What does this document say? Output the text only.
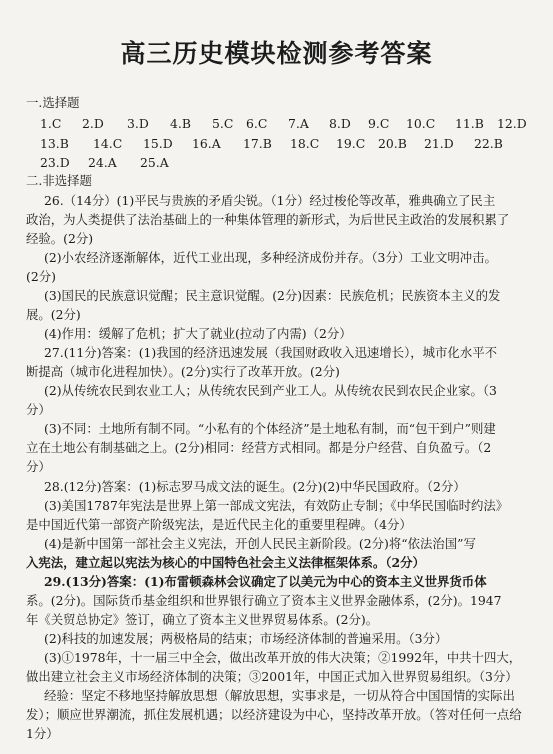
高三历史模块检测参考答案
一.选择题
1.C 2.D 3.D 4.B 5.C 6.C 7.A 8.D 9.C 10.C 11.B 12.D
13.B 14.C 15.D 16.A 17.B 18.C 19.C 20.B 21.D 22.B
23.D 24.A 25.A
二.非选择题
26.（14分）(1)平民与贵族的矛盾尖锐。（1分）经过梭伦等改革，雅典确立了民主
政治，为人类提供了法治基础上的一种集体管理的新形式，为后世民主政治的发展积累了
经验。(2分)
(2)小农经济逐渐解体，近代工业出现，多种经济成份并存。（3分）工业文明冲击。
(2分)
(3)国民的民族意识觉醒；民主意识觉醒。(2分)因素：民族危机；民族资本主义的发
展。(2分)
(4)作用：缓解了危机；扩大了就业(拉动了内需)（2分）
27.(11分)答案：(1)我国的经济迅速发展（我国财政收入迅速增长），城市化水平不
断提高（城市化进程加快）。(2分)实行了改革开放。(2分)
(2)从传统农民到农业工人；从传统农民到产业工人。从传统农民到农民企业家。（3
分）
(3)不同：土地所有制不同。“小私有的个体经济”是土地私有制，而“包干到户”则建
立在土地公有制基础之上。(2分)相同：经营方式相同。都是分户经营、自负盈亏。（2
分）
28.(12分)答案：(1)标志罗马成文法的诞生。(2分)(2)中华民国政府。（2分）
(3)美国1787年宪法是世界上第一部成文宪法，有效防止专制；《中华民国临时约法》
是中国近代第一部资产阶级宪法，是近代民主化的重要里程碑。（4分）
(4)是新中国第一部社会主义宪法，开创人民民主新阶段。(2分)将“依法治国”写
入宪法，建立起以宪法为核心的中国特色社会主义法律框架体系。（2分）
29.(13分)答案：(1)布雷顿森林会议确定了以美元为中心的资本主义世界货币体
系。(2分)。国际货币基金组织和世界银行确立了资本主义世界金融体系，(2分)。1947
年《关贸总协定》签订，确立了资本主义世界贸易体系。(2分)。
(2)科技的加速发展；两极格局的结束；市场经济体制的普遍采用。（3分）
(3)①1978年，十一届三中全会，做出改革开放的伟大决策；②1992年，中共十四大，
做出建立社会主义市场经济体制的决策；③2001年，中国正式加入世界贸易组织。（3分）
经验：坚定不移地坚持解放思想（解放思想，实事求是，一切从符合中国国情的实际出
发）；顺应世界潮流，抓住发展机遇；以经济建设为中心，坚持改革开放。（答对任何一点给
1分）
